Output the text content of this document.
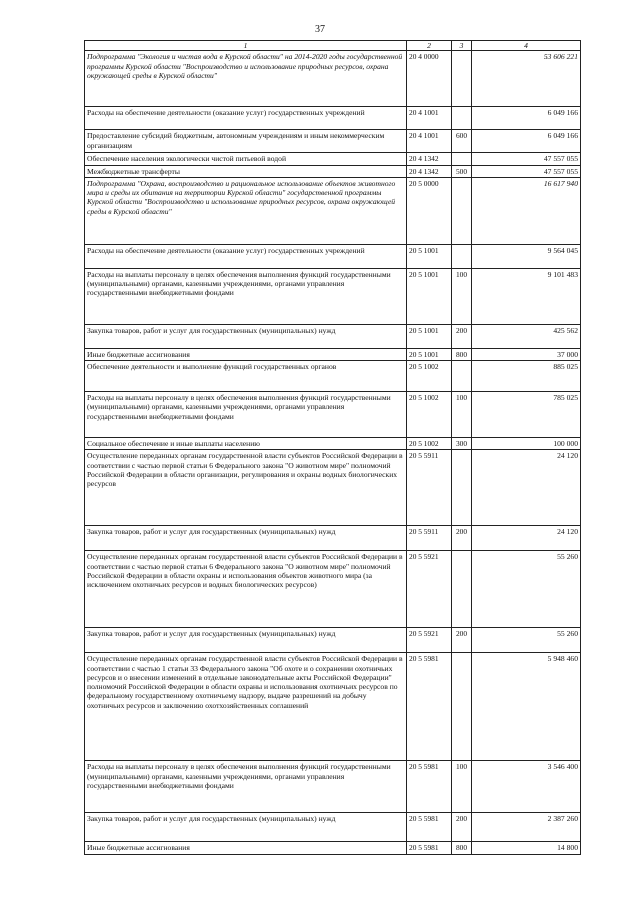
37
1	2	3	4
Подпрограмма "Экология и чистая вода в Курской области" на 2014-2020 годы государственной программы Курской области "Воспроизводство и использование природных ресурсов, охрана окружающей среды в Курской области"	20 4 0000		53 606 221
Расходы на обеспечение деятельности (оказание услуг) государственных учреждений	20 4 1001		6 049 166
Предоставление субсидий бюджетным, автономным учреждениям и иным некоммерческим организациям	20 4 1001	600	6 049 166
Обеспечение населения экологически чистой питьевой водой	20 4 1342		47 557 055
Межбюджетные трансферты	20 4 1342	500	47 557 055
Подпрограмма "Охрана, воспроизводство и рациональное использование объектов животного мира и среды их обитания на территории Курской области" государственной программы Курской области "Воспроизводство и использование природных ресурсов, охрана окружающей среды в Курской области"	20 5 0000		16 617 940
Расходы на обеспечение деятельности (оказание услуг) государственных учреждений	20 5 1001		9 564 045
Расходы на выплаты персоналу в целях обеспечения выполнения функций государственными (муниципальными) органами, казенными учреждениями, органами управления государственными внебюджетными фондами	20 5 1001	100	9 101 483
Закупка товаров, работ и услуг для государственных (муниципальных) нужд	20 5 1001	200	425 562
Иные бюджетные ассигнования	20 5 1001	800	37 000
Обеспечение деятельности и выполнение функций государственных органов	20 5 1002		885 025
Расходы на выплаты персоналу в целях обеспечения выполнения функций государственными (муниципальными) органами, казенными учреждениями, органами управления государственными внебюджетными фондами	20 5 1002	100	785 025
Социальное обеспечение и иные выплаты населению	20 5 1002	300	100 000
Осуществление переданных органам государственной власти субъектов Российской Федерации в соответствии с частью первой статьи 6 Федерального закона "О животном мире" полномочий Российской Федерации в области организации, регулирования и охраны водных биологических ресурсов	20 5 5911		24 120
Закупка товаров, работ и услуг для государственных (муниципальных) нужд	20 5 5911	200	24 120
Осуществление переданных органам государственной власти субъектов Российской Федерации в соответствии с частью первой статьи 6 Федерального закона "О животном мире" полномочий Российской Федерации в области охраны и использования объектов животного мира (за исключением охотничьих ресурсов и водных биологических ресурсов)	20 5 5921		55 260
Закупка товаров, работ и услуг для государственных (муниципальных) нужд	20 5 5921	200	55 260
Осуществление переданных органам государственной власти субъектов Российской Федерации в соответствии с частью 1 статьи 33 Федерального закона "Об охоте и о сохранении охотничьих ресурсов и о внесении изменений в отдельные законодательные акты Российской Федерации" полномочий Российской Федерации в области охраны и использования охотничьих ресурсов по федеральному государственному охотничьему надзору, выдаче разрешений на добычу охотничьих ресурсов и заключению охотхозяйственных соглашений	20 5 5981		5 948 460
Расходы на выплаты персоналу в целях обеспечения выполнения функций государственными (муниципальными) органами, казенными учреждениями, органами управления государственными внебюджетными фондами	20 5 5981	100	3 546 400
Закупка товаров, работ и услуг для государственных (муниципальных) нужд	20 5 5981	200	2 387 260
Иные бюджетные ассигнования	20 5 5981	800	14 800
